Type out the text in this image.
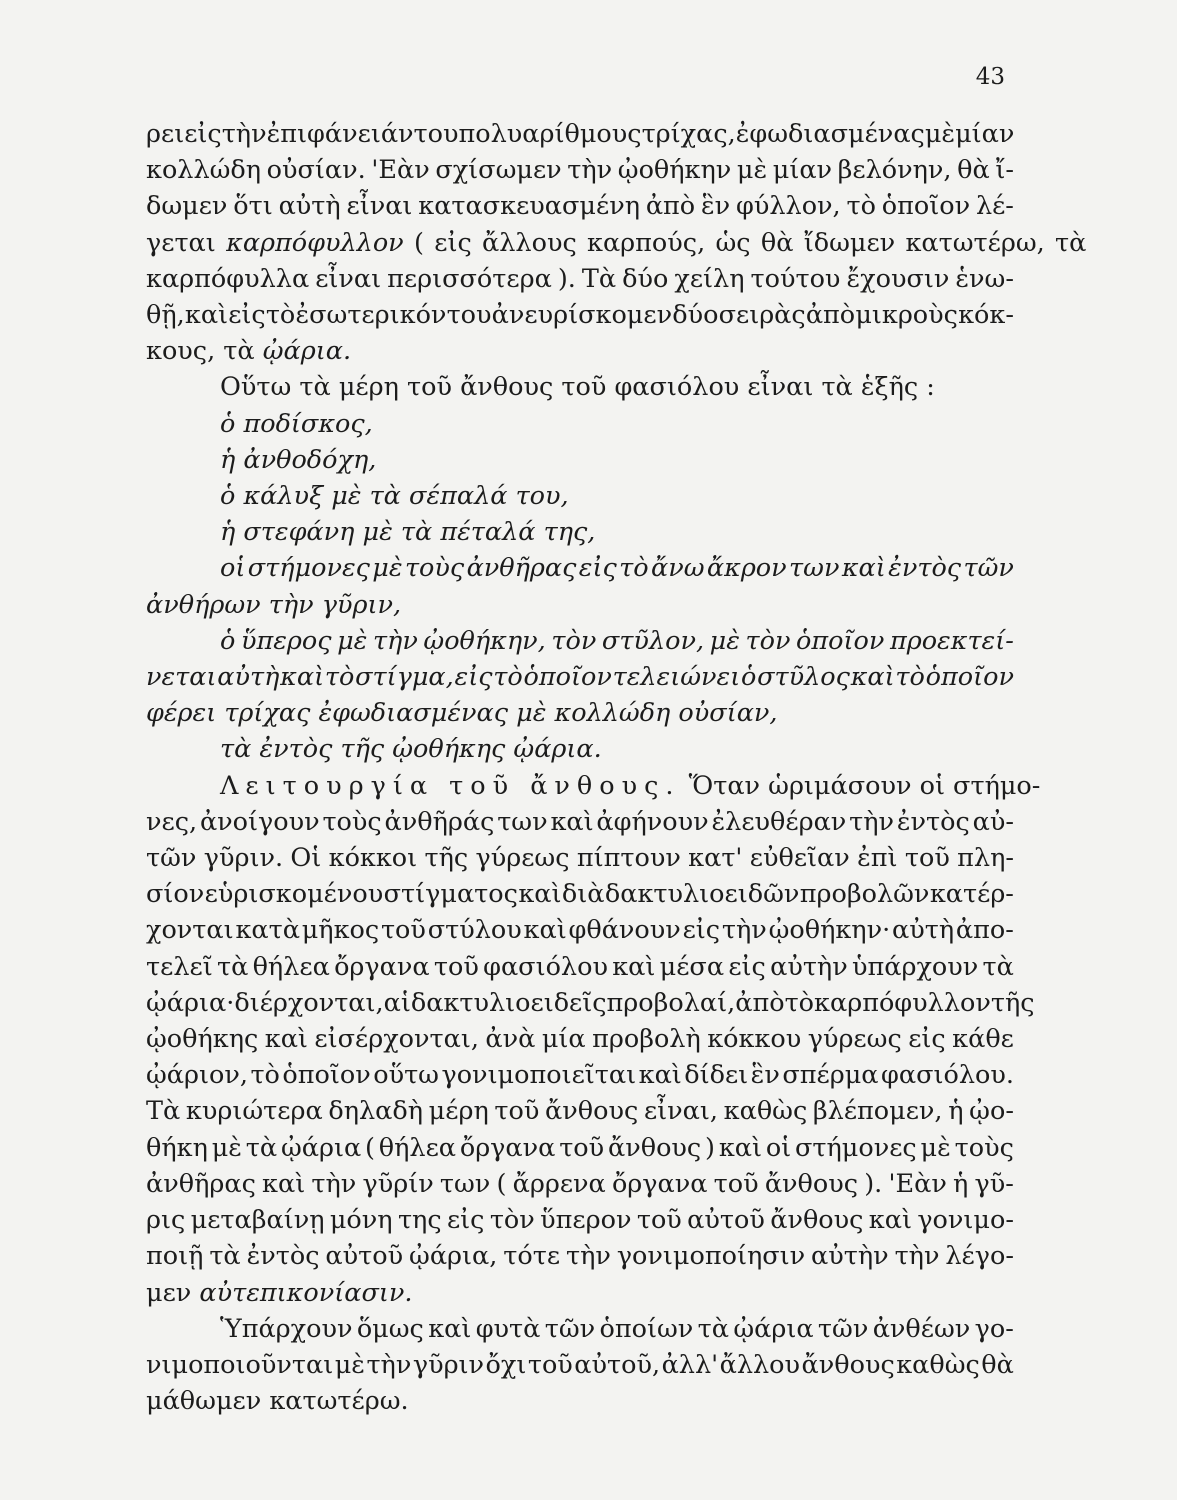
43
ρει εἰς τὴν ἐπιφάνειάν του πολυαρίθμους τρίχας, ἐφωδιασμένας μὲ μίαν
κολλώδη οὐσίαν. 'Εὰν σχίσωμεν τὴν ᾠοθήκην μὲ μίαν βελόνην, θὰ ἴ-
δωμεν ὅτι αὐτὴ εἶναι κατασκευασμένη ἀπὸ ἓν φύλλον, τὸ ὁποῖον λέ-
γεται καρπόφυλλον ( εἰς ἄλλους καρπούς, ὡς θὰ ἴδωμεν κατωτέρω, τὰ
καρπόφυλλα εἶναι περισσότερα ). Τὰ δύο χείλη τούτου ἔχουσιν ἑνω-
θῇ, καὶ εἰς τὸ ἐσωτερικόν του ἀνευρίσκομεν δύο σειρὰς ἀπὸ μικροὺς κόκ-
κους, τὰ ᾠάρια.
Οὕτω τὰ μέρη τοῦ ἄνθους τοῦ φασιόλου εἶναι τὰ ἑξῆς :
ὁ ποδίσκος,
ἡ ἀνθοδόχη,
ὁ κάλυξ μὲ τὰ σέπαλά του,
ἡ στεφάνη μὲ τὰ πέταλά της,
οἱ στήμονες μὲ τοὺς ἀνθῆρας εἰς τὸ ἄνω ἄκρον των καὶ ἐντὸς τῶν
ἀνθήρων τὴν γῦριν,
ὁ ὕπερος μὲ τὴν ᾠοθήκην, τὸν στῦλον, μὲ τὸν ὁποῖον προεκτεί-
νεται αὐτὴ καὶ τὸ στίγμα, εἰς τὸ ὁποῖον τελειώνει ὁ στῦλος καὶ τὸ ὁποῖον
φέρει τρίχας ἐφωδιασμένας μὲ κολλώδη οὐσίαν,
τὰ ἐντὸς τῆς ᾠοθήκης ᾠάρια.
Λειτουργία τοῦ ἄνθους. Ὅταν ὡριμάσουν οἱ στήμο-
νες, ἀνοίγουν τοὺς ἀνθῆράς των καὶ ἀφήνουν ἐλευθέραν τὴν ἐντὸς αὐ-
τῶν γῦριν. Οἱ κόκκοι τῆς γύρεως πίπτουν κατ' εὐθεῖαν ἐπὶ τοῦ πλη-
σίον εὑρισκομένου στίγματος καὶ διὰ δακτυλιοειδῶν προβολῶν κατέρ-
χονται κατὰ μῆκος τοῦ στύλου καὶ φθάνουν εἰς τὴν ᾠοθήκην· αὐτὴ ἀπο-
τελεῖ τὰ θήλεα ὄργανα τοῦ φασιόλου καὶ μέσα εἰς αὐτὴν ὑπάρχουν τὰ
ᾠάρια· διέρχονται, αἱ δακτυλιοειδεῖς προβολαί, ἀπὸ τὸ καρπόφυλλον τῆς
ᾠοθήκης καὶ εἰσέρχονται, ἀνὰ μία προβολὴ κόκκου γύρεως εἰς κάθε
ᾠάριον, τὸ ὁποῖον οὕτω γονιμοποιεῖται καὶ δίδει ἓν σπέρμα φασιόλου.
Τὰ κυριώτερα δηλαδὴ μέρη τοῦ ἄνθους εἶναι, καθὼς βλέπομεν, ἡ ᾠο-
θήκη μὲ τὰ ᾠάρια ( θήλεα ὄργανα τοῦ ἄνθους ) καὶ οἱ στήμονες μὲ τοὺς
ἀνθῆρας καὶ τὴν γῦρίν των ( ἄρρενα ὄργανα τοῦ ἄνθους ). 'Εὰν ἡ γῦ-
ρις μεταβαίνῃ μόνη της εἰς τὸν ὕπερον τοῦ αὐτοῦ ἄνθους καὶ γονιμο-
ποιῇ τὰ ἐντὸς αὐτοῦ ᾠάρια, τότε τὴν γονιμοποίησιν αὐτὴν τὴν λέγο-
μεν αὐτεπικονίασιν.
Ὑπάρχουν ὅμως καὶ φυτὰ τῶν ὁποίων τὰ ᾠάρια τῶν ἀνθέων γο-
νιμοποιοῦνται μὲ τὴν γῦριν ὄχι τοῦ αὐτοῦ, ἀλλ' ἄλλου ἄνθους καθὼς θὰ
μάθωμεν κατωτέρω.
